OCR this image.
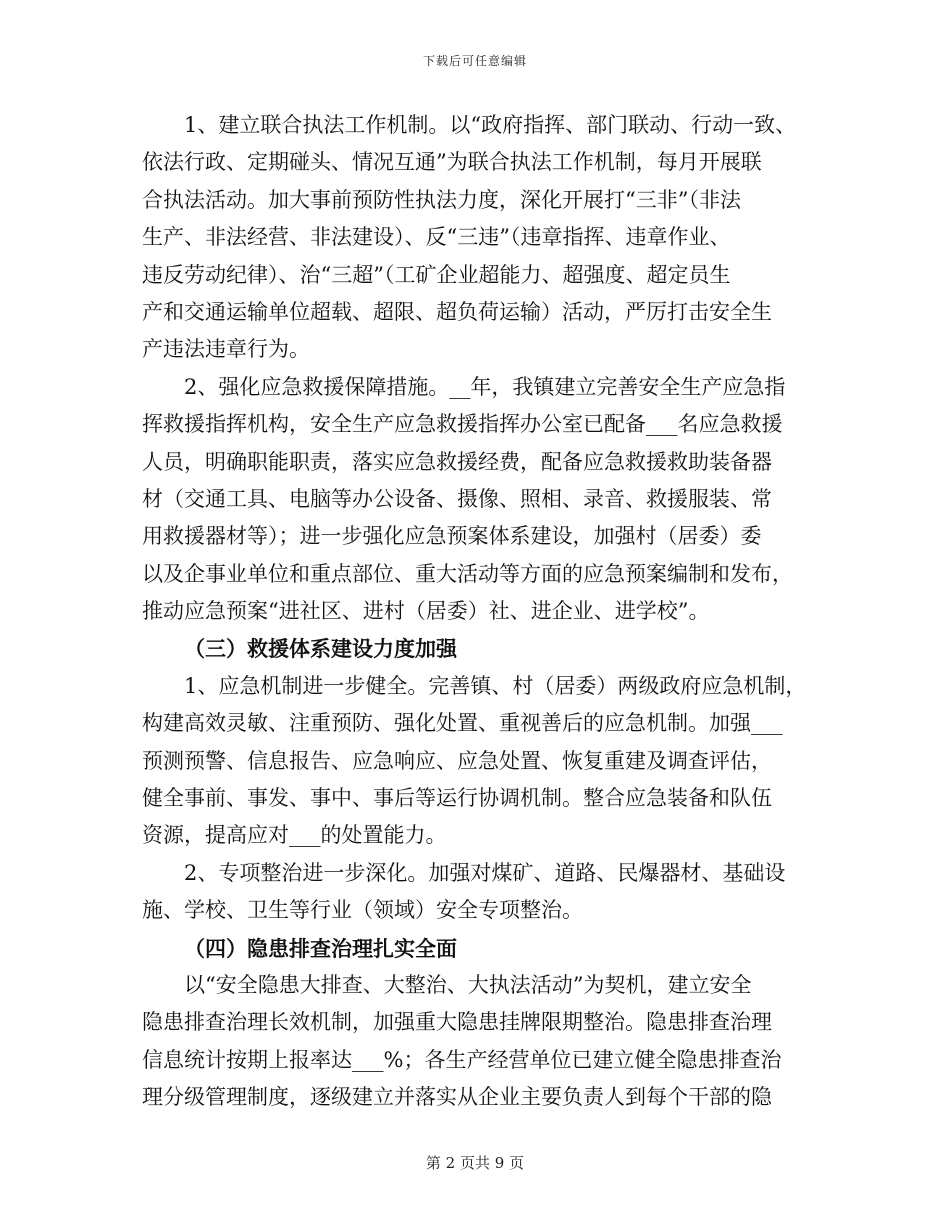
下载后可任意编辑
1、建立联合执法工作机制。以“政府指挥、部门联动、行动一致、
依法行政、定期碰头、情况互通”为联合执法工作机制，每月开展联
合执法活动。加大事前预防性执法力度，深化开展打“三非”（非法
生产、非法经营、非法建设）、反“三违”（违章指挥、违章作业、
违反劳动纪律）、治“三超”（工矿企业超能力、超强度、超定员生
产和交通运输单位超载、超限、超负荷运输）活动，严厉打击安全生
产违法违章行为。
2、强化应急救援保障措施。__年，我镇建立完善安全生产应急指
挥救援指挥机构，安全生产应急救援指挥办公室已配备___名应急救援
人员，明确职能职责，落实应急救援经费，配备应急救援救助装备器
材（交通工具、电脑等办公设备、摄像、照相、录音、救援服装、常
用救援器材等）；进一步强化应急预案体系建设，加强村（居委）委
以及企事业单位和重点部位、重大活动等方面的应急预案编制和发布，
推动应急预案“进社区、进村（居委）社、进企业、进学校”。
（三）救援体系建设力度加强
1、应急机制进一步健全。完善镇、村（居委）两级政府应急机制，
构建高效灵敏、注重预防、强化处置、重视善后的应急机制。加强___
预测预警、信息报告、应急响应、应急处置、恢复重建及调查评估，
健全事前、事发、事中、事后等运行协调机制。整合应急装备和队伍
资源，提高应对___的处置能力。
2、专项整治进一步深化。加强对煤矿、道路、民爆器材、基础设
施、学校、卫生等行业（领域）安全专项整治。
（四）隐患排查治理扎实全面
以“安全隐患大排查、大整治、大执法活动”为契机，建立安全
隐患排查治理长效机制，加强重大隐患挂牌限期整治。隐患排查治理
信息统计按期上报率达___%；各生产经营单位已建立健全隐患排查治
理分级管理制度，逐级建立并落实从企业主要负责人到每个干部的隐
第 2 页共 9 页
